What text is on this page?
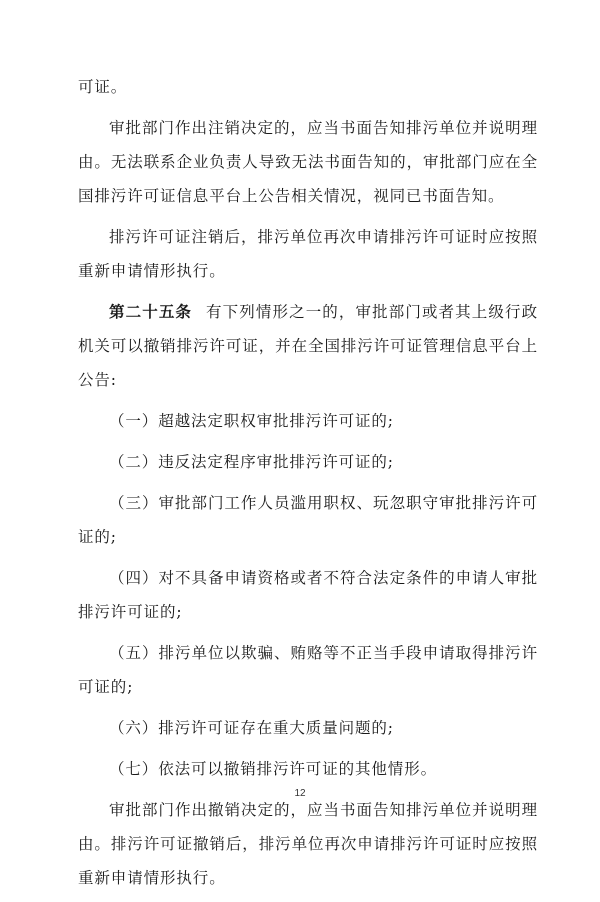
可证。

审批部门作出注销决定的，应当书面告知排污单位并说明理由。无法联系企业负责人导致无法书面告知的，审批部门应在全国排污许可证信息平台上公告相关情况，视同已书面告知。

排污许可证注销后，排污单位再次申请排污许可证时应按照重新申请情形执行。

第二十五条 有下列情形之一的，审批部门或者其上级行政机关可以撤销排污许可证，并在全国排污许可证管理信息平台上公告:

（一）超越法定职权审批排污许可证的;

（二）违反法定程序审批排污许可证的;

（三）审批部门工作人员滥用职权、玩忽职守审批排污许可证的;

（四）对不具备申请资格或者不符合法定条件的申请人审批排污许可证的;

（五）排污单位以欺骗、贿赂等不正当手段申请取得排污许可证的;

（六）排污许可证存在重大质量问题的;

（七）依法可以撤销排污许可证的其他情形。

审批部门作出撤销决定的，应当书面告知排污单位并说明理由。排污许可证撤销后，排污单位再次申请排污许可证时应按照重新申请情形执行。

12
